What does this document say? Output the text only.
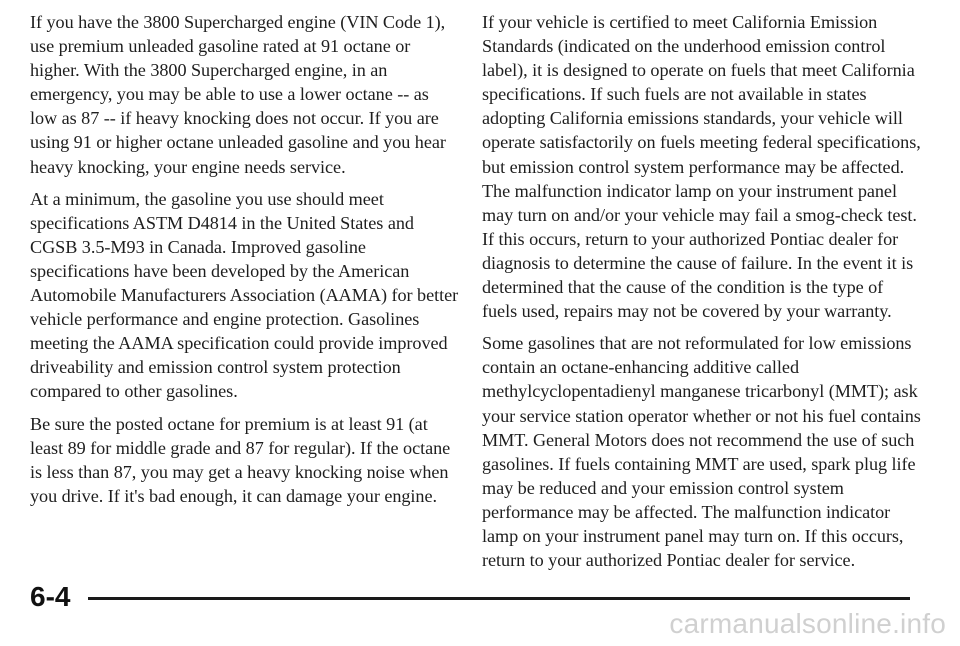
If you have the 3800 Supercharged engine (VIN Code 1), use premium unleaded gasoline rated at 91 octane or higher. With the 3800 Supercharged engine, in an emergency, you may be able to use a lower octane -- as low as 87 -- if heavy knocking does not occur. If you are using 91 or higher octane unleaded gasoline and you hear heavy knocking, your engine needs service.

At a minimum, the gasoline you use should meet specifications ASTM D4814 in the United States and CGSB 3.5-M93 in Canada. Improved gasoline specifications have been developed by the American Automobile Manufacturers Association (AAMA) for better vehicle performance and engine protection. Gasolines meeting the AAMA specification could provide improved driveability and emission control system protection compared to other gasolines.

Be sure the posted octane for premium is at least 91 (at least 89 for middle grade and 87 for regular). If the octane is less than 87, you may get a heavy knocking noise when you drive. If it's bad enough, it can damage your engine.

If your vehicle is certified to meet California Emission Standards (indicated on the underhood emission control label), it is designed to operate on fuels that meet California specifications. If such fuels are not available in states adopting California emissions standards, your vehicle will operate satisfactorily on fuels meeting federal specifications, but emission control system performance may be affected. The malfunction indicator lamp on your instrument panel may turn on and/or your vehicle may fail a smog-check test. If this occurs, return to your authorized Pontiac dealer for diagnosis to determine the cause of failure. In the event it is determined that the cause of the condition is the type of fuels used, repairs may not be covered by your warranty.

Some gasolines that are not reformulated for low emissions contain an octane-enhancing additive called methylcyclopentadienyl manganese tricarbonyl (MMT); ask your service station operator whether or not his fuel contains MMT. General Motors does not recommend the use of such gasolines. If fuels containing MMT are used, spark plug life may be reduced and your emission control system performance may be affected. The malfunction indicator lamp on your instrument panel may turn on. If this occurs, return to your authorized Pontiac dealer for service.

6-4
carmanualsonline.info
